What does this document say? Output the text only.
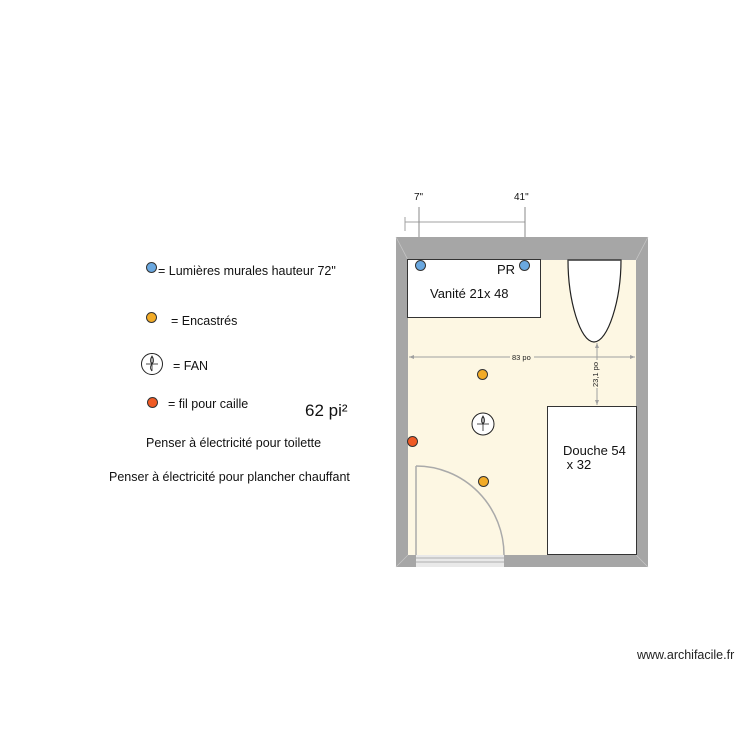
= Lumières murales hauteur 72"
= Encastrés
= FAN
= fil pour caille	62 pi²
Penser à électricité pour toilette
Penser à électricité pour plancher chauffant
7"	41"
PR
Vanité 21x 48
83 po
23,1 po
Douche 54
x 32
www.archifacile.fr
